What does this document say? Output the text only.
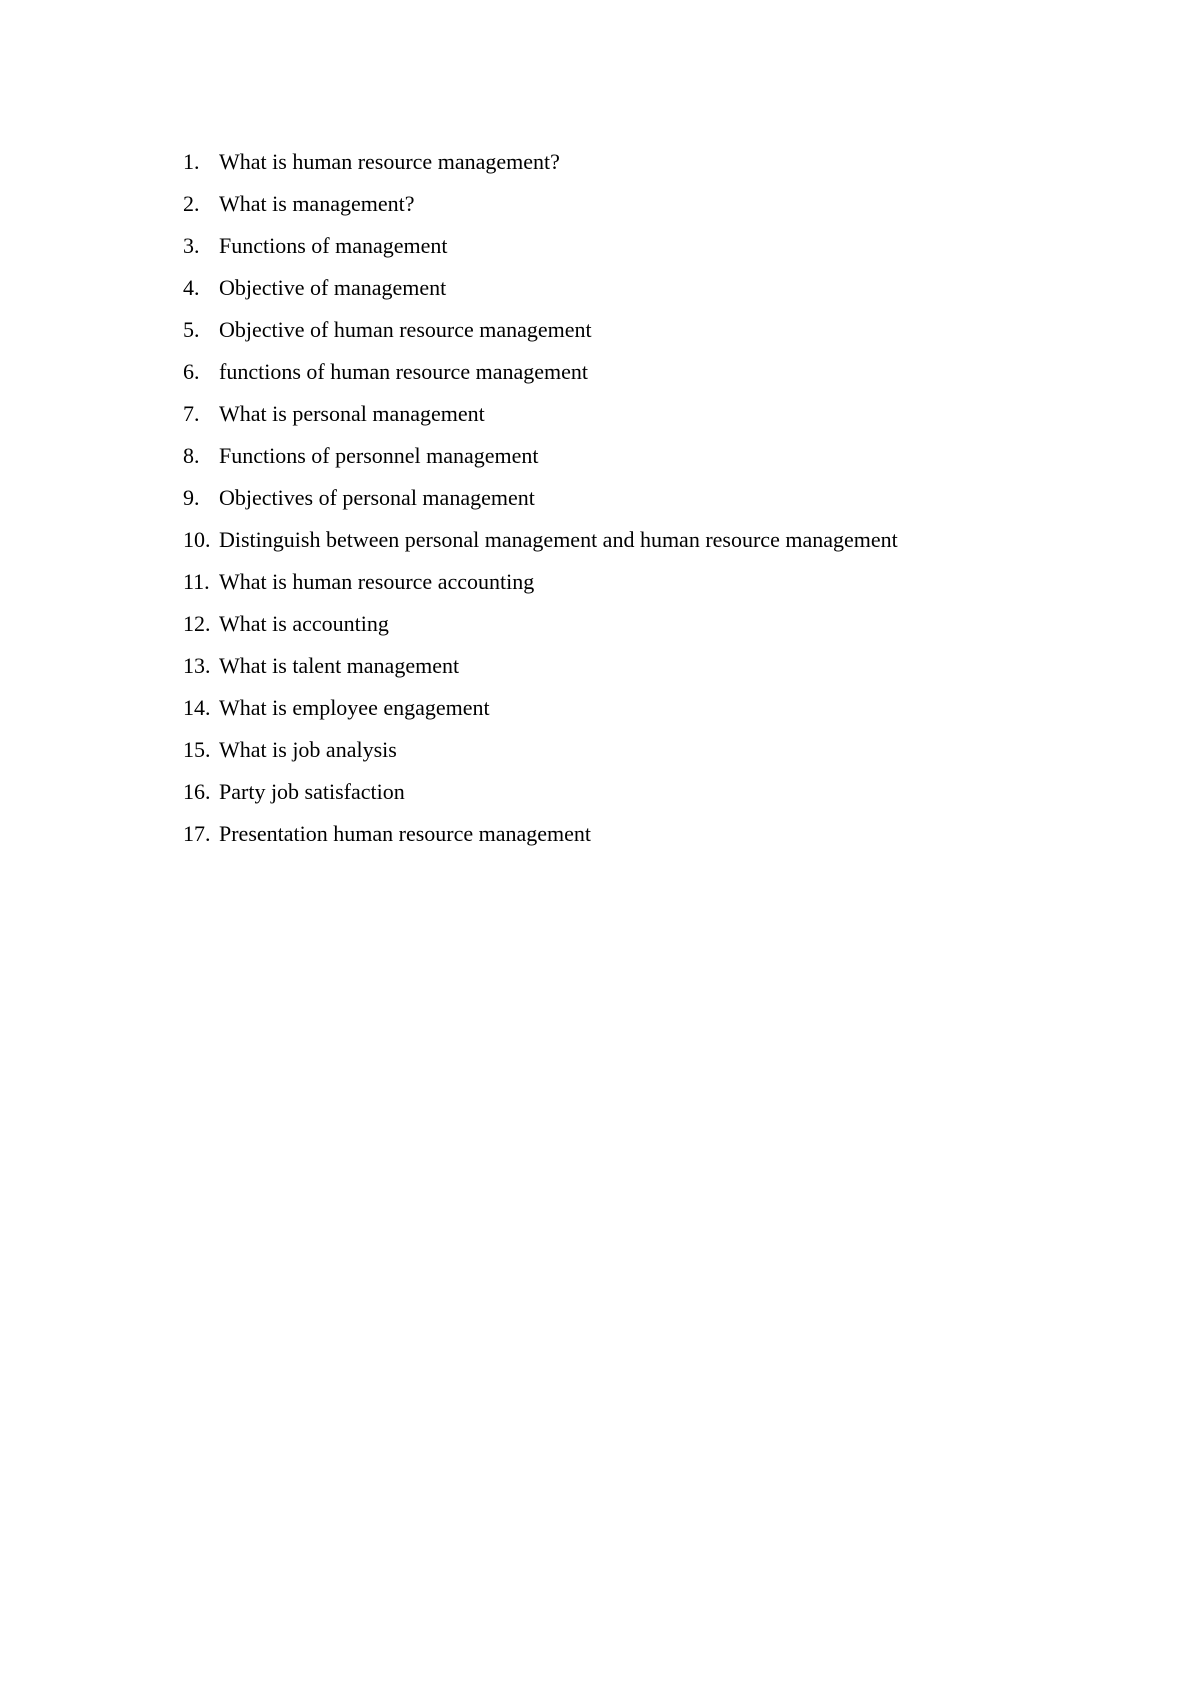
1. What is human resource management?
2. What is management?
3. Functions of management
4. Objective of management
5. Objective of human resource management
6. functions of human resource management
7. What is personal management
8. Functions of personnel management
9. Objectives of personal management
10. Distinguish between personal management and human resource management
11. What is human resource accounting
12. What is accounting
13. What is talent management
14. What is employee engagement
15. What is job analysis
16. Party job satisfaction
17. Presentation human resource management
